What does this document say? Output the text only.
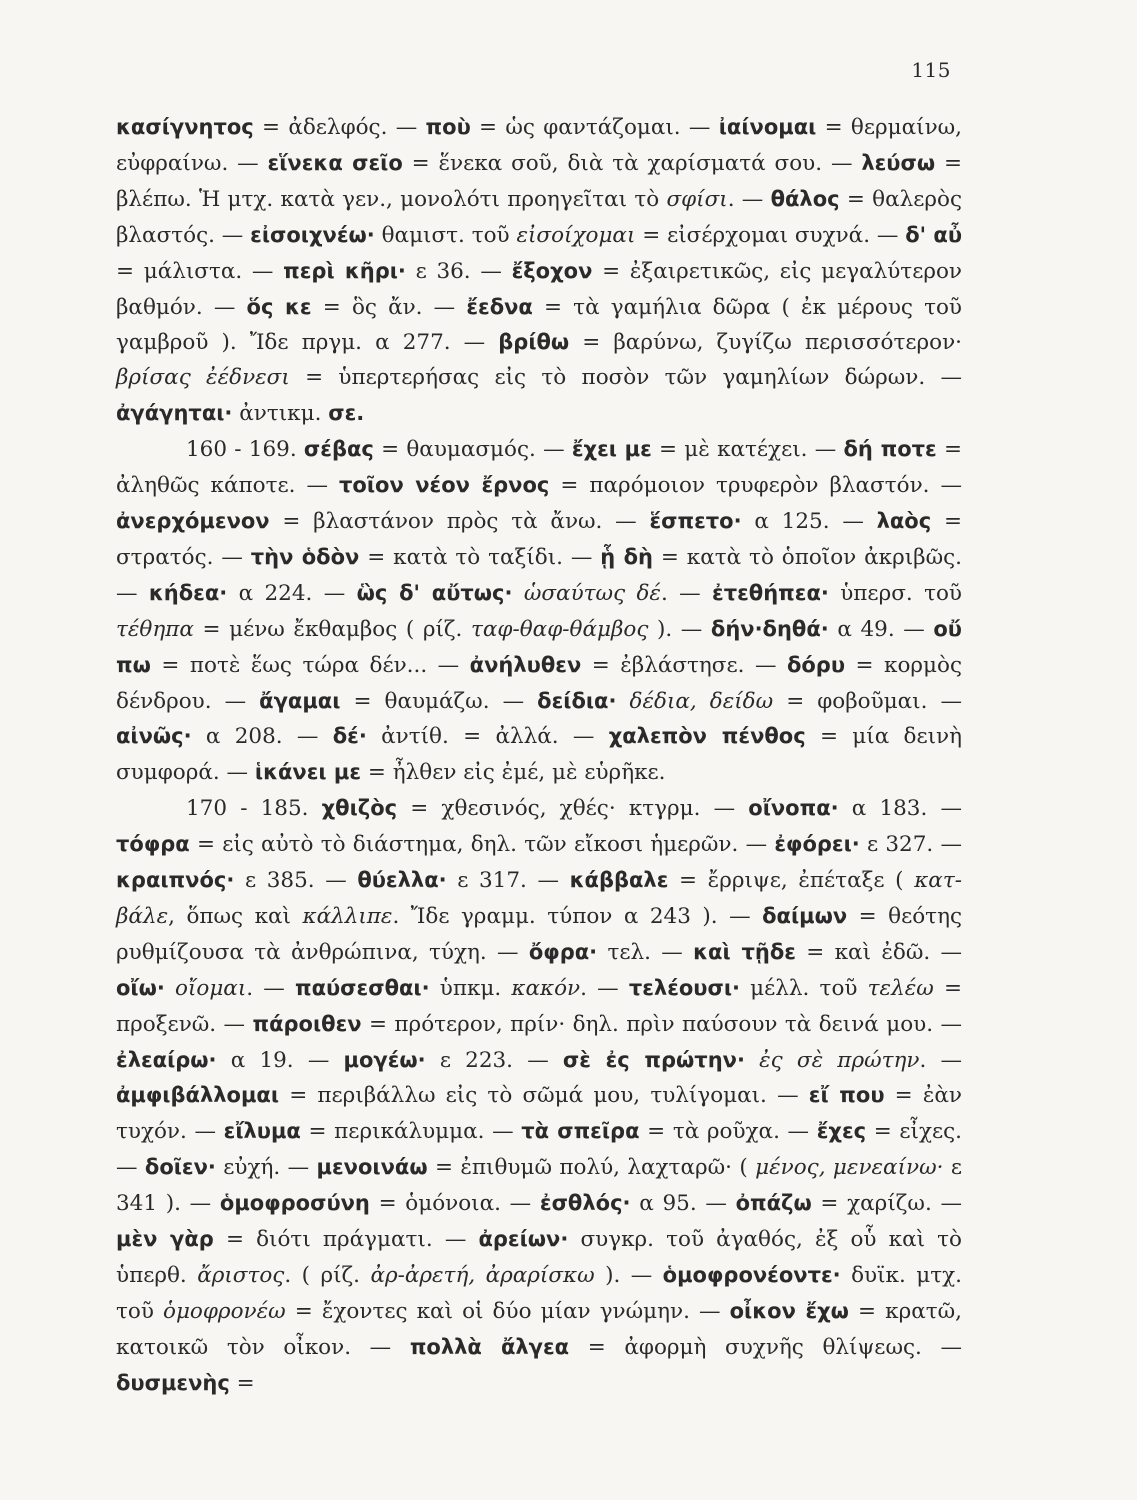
115

κασίγνητος = ἀδελφός. — ποὺ = ὡς φαντάζομαι. — ἰαίνομαι = θερμαίνω, εὐφραίνω. — εἵνεκα σεῖο = ἕνεκα σοῦ, διὰ τὰ χαρίσματά σου. — λεύσω = βλέπω. Ἡ μτχ. κατὰ γεν., μονολότι προηγεῖται τὸ σφίσι. — θάλος = θαλερὸς βλαστός. — εἰσοιχνέω· θαμιστ. τοῦ εἰσοίχομαι = εἰσέρχομαι συχνά. — δ' αὖ = μάλιστα. — περὶ κῆρι· ε 36. — ἔξοχον = ἐξαιρετικῶς, εἰς μεγαλύτερον βαθμόν. — ὅς κε = ὃς ἄν. — ἔεδνα = τὰ γαμήλια δῶρα ( ἐκ μέρους τοῦ γαμβροῦ ). Ἴδε πργμ. α 277. — βρίθω = βαρύνω, ζυγίζω περισσότερον· βρίσας ἐέδνεσι = ὑπερτερήσας εἰς τὸ ποσὸν τῶν γαμηλίων δώρων. — ἀγάγηται· ἀντικμ. σε.

160 - 169. σέβας = θαυμασμός. — ἔχει με = μὲ κατέχει. — δή ποτε = ἀληθῶς κάποτε. — τοῖον νέον ἔρνος = παρόμοιον τρυφερὸν βλαστόν. — ἀνερχόμενον = βλαστάνον πρὸς τὰ ἄνω. — ἕσπετο· α 125. — λαὸς = στρατός. — τὴν ὁδὸν = κατὰ τὸ ταξίδι. — ᾗ δὴ = κατὰ τὸ ὁποῖον ἀκριβῶς. — κήδεα· α 224. — ὣς δ' αὔτως· ὡσαύτως δέ. — ἐτεθήπεα· ὑπερσ. τοῦ τέθηπα = μένω ἔκθαμβος ( ρίζ. ταφ-θαφ-θάμβος ). — δήν·δηθά· α 49. — οὔ πω = ποτὲ ἕως τώρα δέν... — ἀνήλυθεν = ἐβλάστησε. — δόρυ = κορμὸς δένδρου. — ἄγαμαι = θαυμάζω. — δείδια· δέδια, δείδω = φοβοῦμαι. — αἰνῶς· α 208. — δέ· ἀντίθ. = ἀλλά. — χαλεπὸν πένθος = μία δεινὴ συμφορά. — ἱκάνει με = ἦλθεν εἰς ἐμέ, μὲ εὑρῆκε.

170 - 185. χθιζὸς = χθεσινός, χθές· κτγρμ. — οἴνοπα· α 183. — τόφρα = εἰς αὐτὸ τὸ διάστημα, δηλ. τῶν εἴκοσι ἡμερῶν. — ἐφόρει· ε 327. — κραιπνός· ε 385. — θύελλα· ε 317. — κάββαλε = ἔρριψε, ἐπέταξε ( κατ-βάλε, ὅπως καὶ κάλλιπε. Ἴδε γραμμ. τύπον α 243 ). — δαίμων = θεότης ρυθμίζουσα τὰ ἀνθρώπινα, τύχη. — ὄφρα· τελ. — καὶ τῇδε = καὶ ἐδῶ. — οἴω· οἴομαι. — παύσεσθαι· ὑπκμ. κακόν. — τελέουσι· μέλλ. τοῦ τελέω = προξενῶ. — πάροιθεν = πρότερον, πρίν· δηλ. πρὶν παύσουν τὰ δεινά μου. — ἐλεαίρω· α 19. — μογέω· ε 223. — σὲ ἐς πρώτην· ἐς σὲ πρώτην. — ἀμφιβάλλομαι = περιβάλλω εἰς τὸ σῶμά μου, τυλίγομαι. — εἴ που = ἐὰν τυχόν. — εἴλυμα = περικάλυμμα. — τὰ σπεῖρα = τὰ ροῦχα. — ἔχες = εἶχες. — δοῖεν· εὐχή. — μενοινάω = ἐπιθυμῶ πολύ, λαχταρῶ· ( μένος, μενεαίνω· ε 341 ). — ὁμοφροσύνη = ὁμόνοια. — ἐσθλός· α 95. — ὀπάζω = χαρίζω. — μὲν γὰρ = διότι πράγματι. — ἀρείων· συγκρ. τοῦ ἀγαθός, ἐξ οὗ καὶ τὸ ὑπερθ. ἄριστος. ( ρίζ. ἀρ-ἀρετή, ἀραρίσκω ). — ὁμοφρονέοντε· δυϊκ. μτχ. τοῦ ὁμοφρονέω = ἔχοντες καὶ οἱ δύο μίαν γνώμην. — οἶκον ἔχω = κρατῶ, κατοικῶ τὸν οἶκον. — πολλὰ ἄλγεα = ἀφορμὴ συχνῆς θλίψεως. — δυσμενὴς =
